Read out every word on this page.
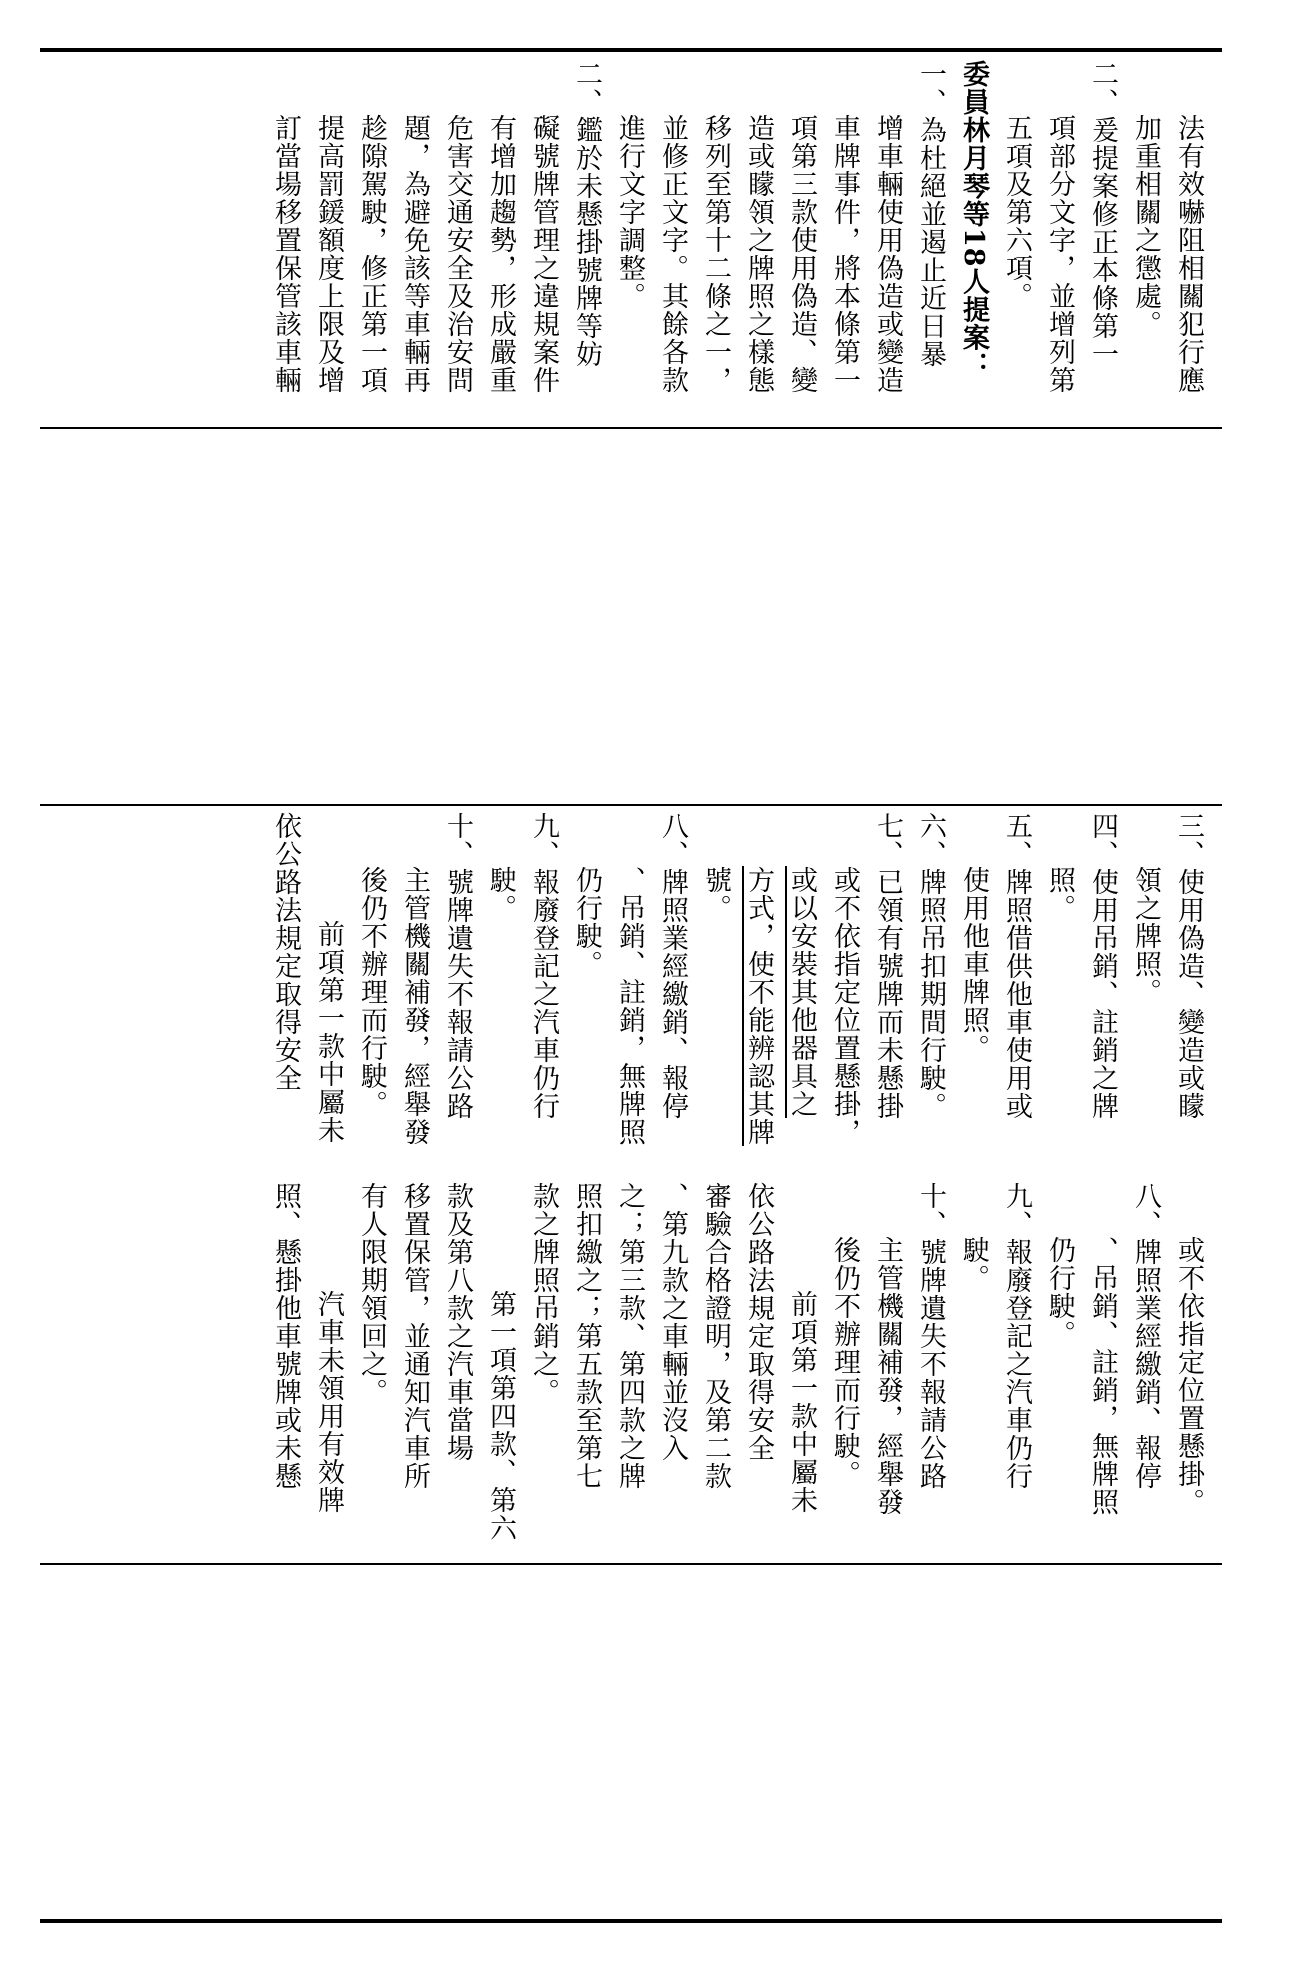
法有效嚇阻相關犯行應
加重相關之懲處。
二、爰提案修正本條第一
項部分文字，並增列第
五項及第六項。
委員林月琴等18人提案：
一、為杜絕並遏止近日暴
增車輛使用偽造或變造
車牌事件，將本條第一
項第三款使用偽造、變
造或矇領之牌照之樣態
移列至第十二條之一，
並修正文字。其餘各款
進行文字調整。
二、鑑於未懸掛號牌等妨
礙號牌管理之違規案件
有增加趨勢，形成嚴重
危害交通安全及治安問
題，為避免該等車輛再
趁隙駕駛，修正第一項
提高罰鍰額度上限及增
訂當場移置保管該車輛
三、使用偽造、變造或矇
領之牌照。
四、使用吊銷、註銷之牌
照。
五、牌照借供他車使用或
使用他車牌照。
六、牌照吊扣期間行駛。
七、已領有號牌而未懸掛
或不依指定位置懸掛，
或以安裝其他器具之
方式，使不能辨認其牌
號。
八、牌照業經繳銷、報停
、吊銷、註銷，無牌照
仍行駛。
九、報廢登記之汽車仍行
駛。
十、號牌遺失不報請公路
主管機關補發，經舉發
後仍不辦理而行駛。
前項第一款中屬未
依公路法規定取得安全
或不依指定位置懸掛。
八、牌照業經繳銷、報停
、吊銷、註銷，無牌照
仍行駛。
九、報廢登記之汽車仍行
駛。
十、號牌遺失不報請公路
主管機關補發，經舉發
後仍不辦理而行駛。
前項第一款中屬未
依公路法規定取得安全
審驗合格證明，及第二款
、第九款之車輛並沒入
之；第三款、第四款之牌
照扣繳之；第五款至第七
款之牌照吊銷之。
第一項第四款、第六
款及第八款之汽車當場
移置保管，並通知汽車所
有人限期領回之。
汽車未領用有效牌
照、懸掛他車號牌或未懸
